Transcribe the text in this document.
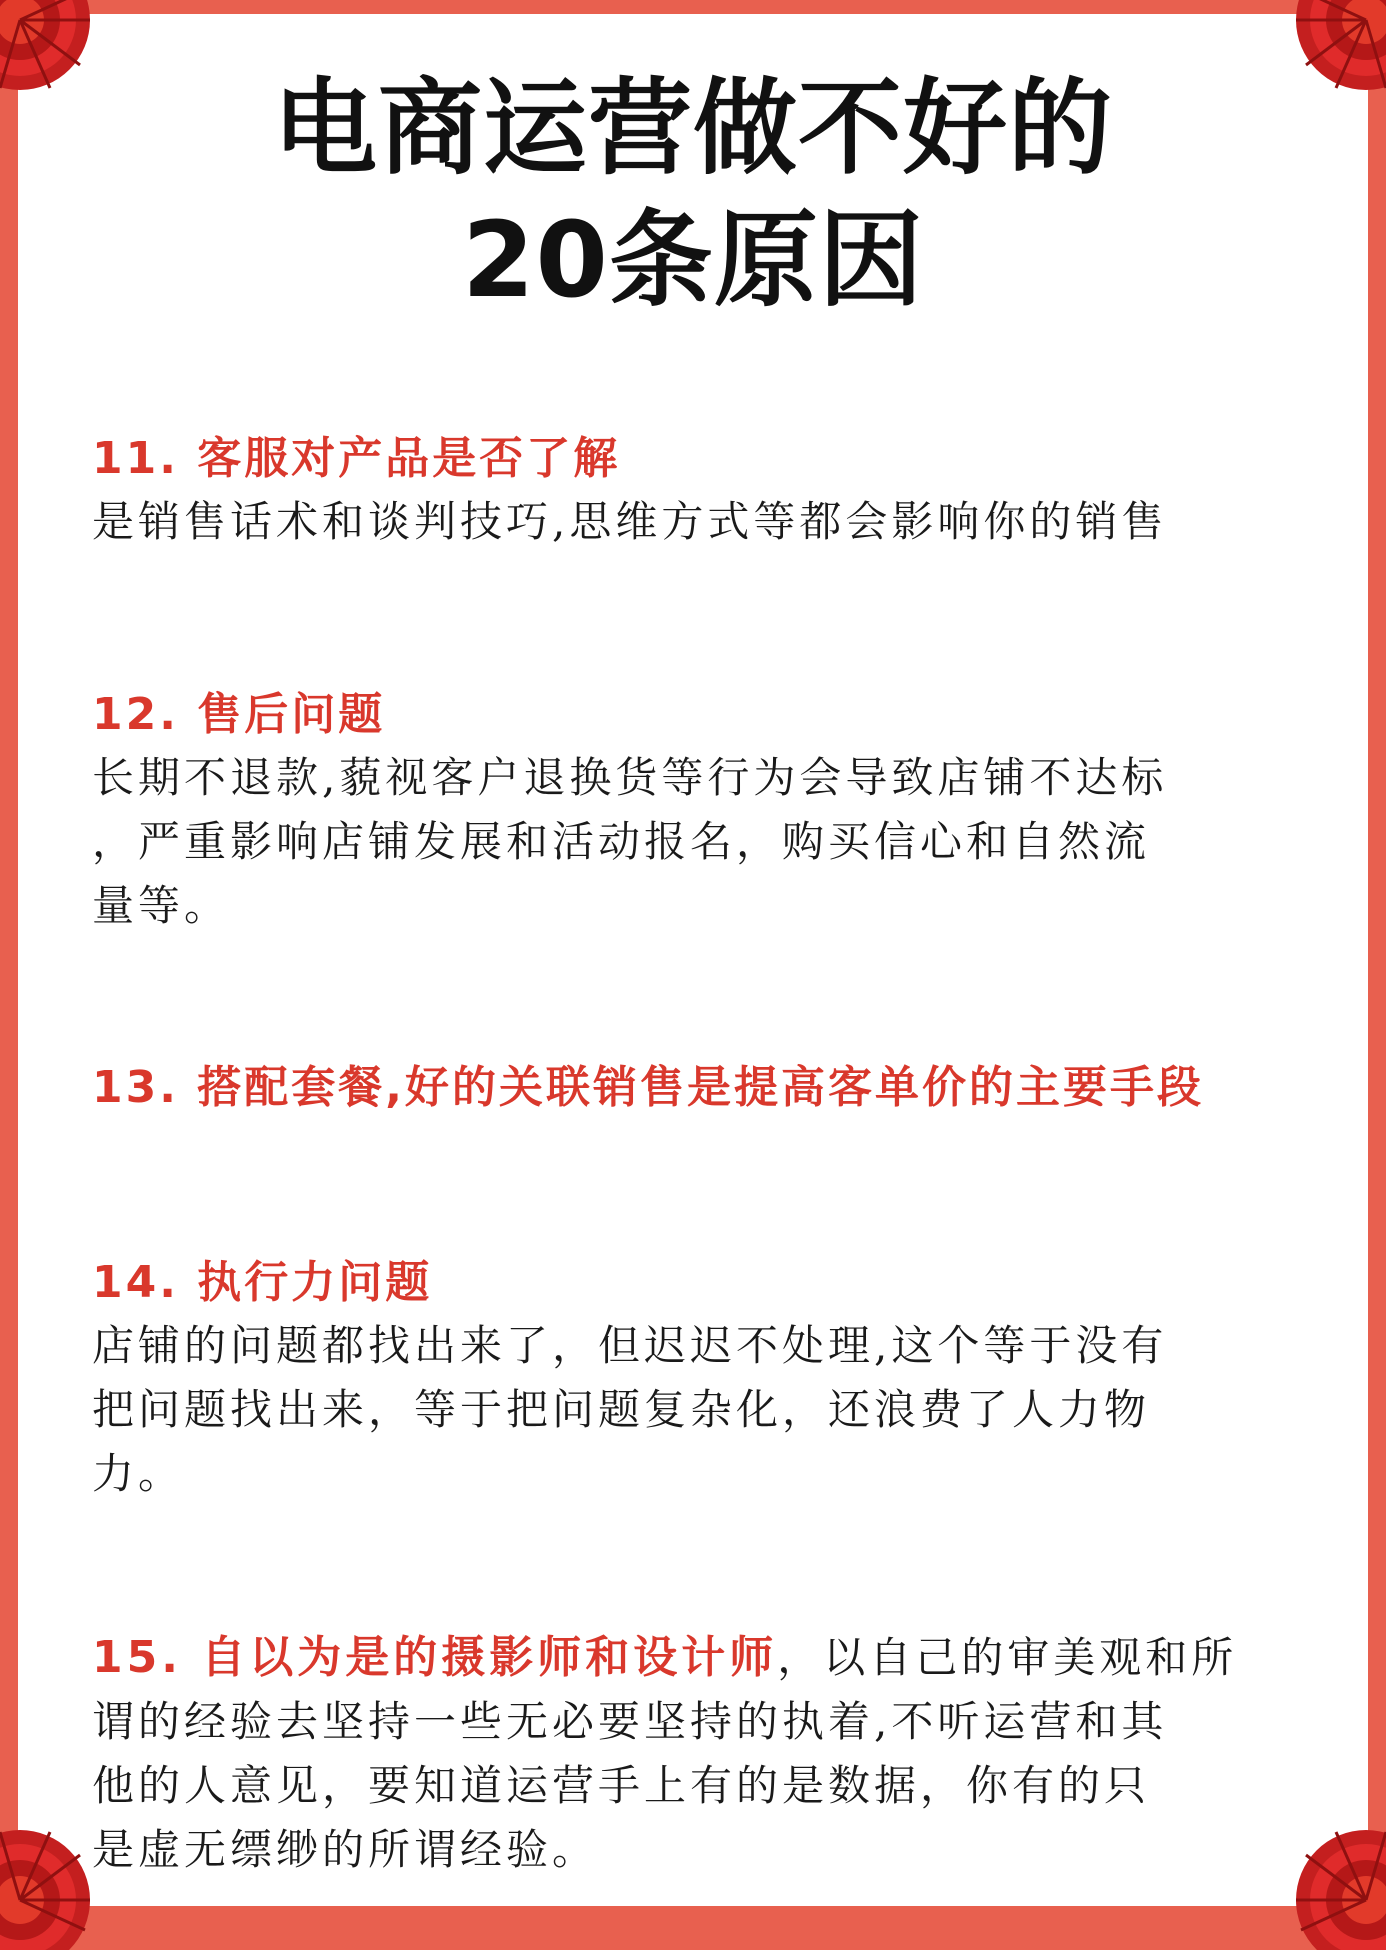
电商运营做不好的
20条原因
11. 客服对产品是否了解
是销售话术和谈判技巧,思维方式等都会影响你的销售
12. 售后问题
长期不退款,藐视客户退换货等行为会导致店铺不达标
，严重影响店铺发展和活动报名，购买信心和自然流
量等。
13. 搭配套餐,好的关联销售是提高客单价的主要手段
14. 执行力问题
店铺的问题都找出来了，但迟迟不处理,这个等于没有
把问题找出来，等于把问题复杂化，还浪费了人力物
力。
15. 自以为是的摄影师和设计师，以自己的审美观和所
谓的经验去坚持一些无必要坚持的执着,不听运营和其
他的人意见，要知道运营手上有的是数据，你有的只
是虚无缥缈的所谓经验。
